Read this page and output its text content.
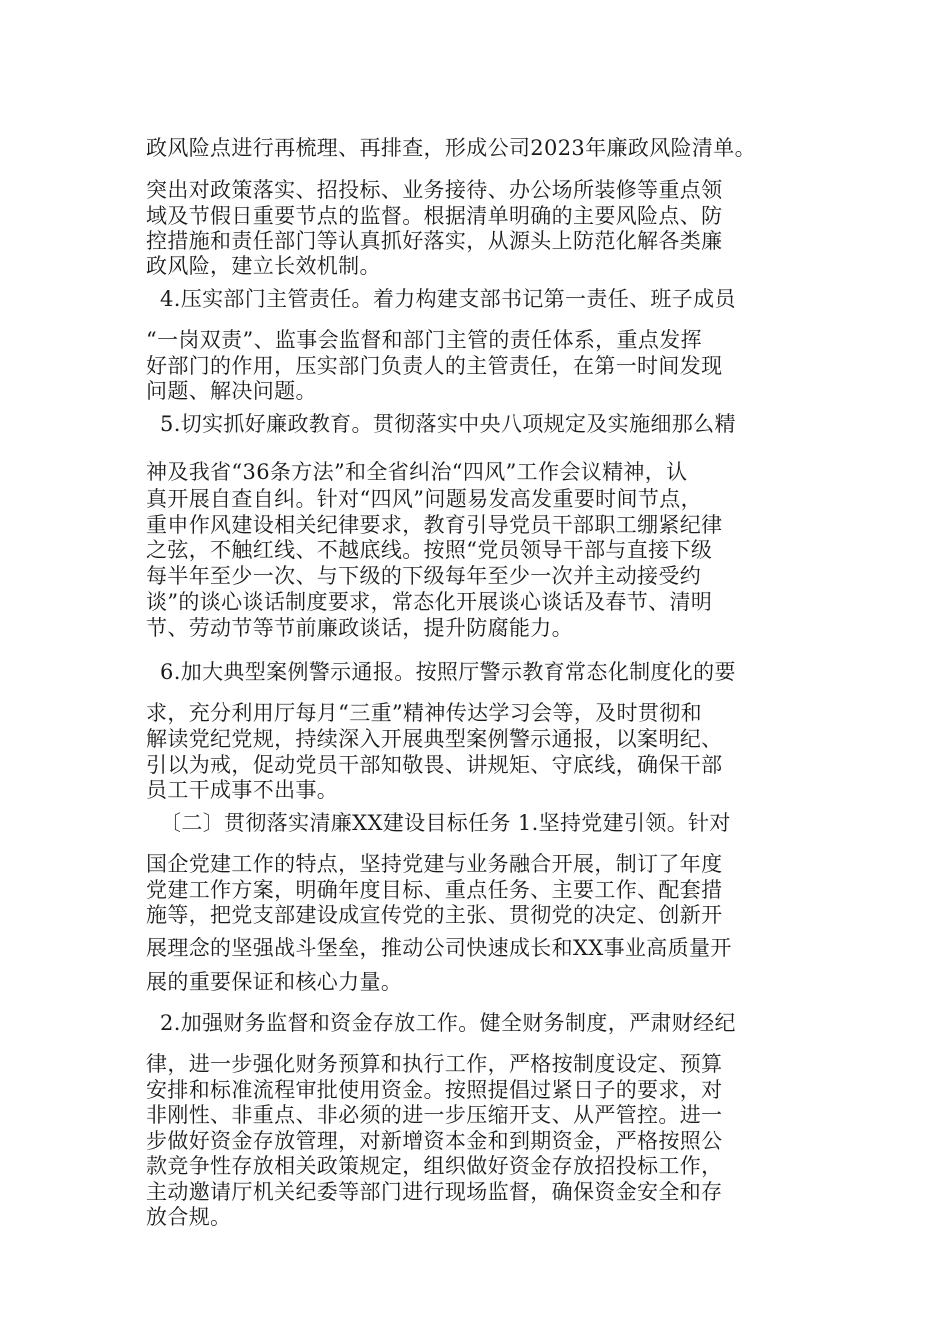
政风险点进行再梳理、再排查，形成公司2023年廉政风险清单。
突出对政策落实、招投标、业务接待、办公场所装修等重点领
域及节假日重要节点的监督。根据清单明确的主要风险点、防
控措施和责任部门等认真抓好落实，从源头上防范化解各类廉
政风险，建立长效机制。
4.压实部门主管责任。着力构建支部书记第一责任、班子成员
“一岗双责”、监事会监督和部门主管的责任体系，重点发挥
好部门的作用，压实部门负责人的主管责任，在第一时间发现
问题、解决问题。
5.切实抓好廉政教育。贯彻落实中央八项规定及实施细那么精
神及我省“36条方法”和全省纠治“四风”工作会议精神，认
真开展自查自纠。针对“四风”问题易发高发重要时间节点，
重申作风建设相关纪律要求，教育引导党员干部职工绷紧纪律
之弦，不触红线、不越底线。按照“党员领导干部与直接下级
每半年至少一次、与下级的下级每年至少一次并主动接受约
谈”的谈心谈话制度要求，常态化开展谈心谈话及春节、清明
节、劳动节等节前廉政谈话，提升防腐能力。
6.加大典型案例警示通报。按照厅警示教育常态化制度化的要
求，充分利用厅每月“三重”精神传达学习会等，及时贯彻和
解读党纪党规，持续深入开展典型案例警示通报，以案明纪、
引以为戒，促动党员干部知敬畏、讲规矩、守底线，确保干部
员工干成事不出事。
〔二〕贯彻落实清廉XX建设目标任务 1.坚持党建引领。针对
国企党建工作的特点，坚持党建与业务融合开展，制订了年度
党建工作方案，明确年度目标、重点任务、主要工作、配套措
施等，把党支部建设成宣传党的主张、贯彻党的决定、创新开
展理念的坚强战斗堡垒，推动公司快速成长和XX事业高质量开
展的重要保证和核心力量。
2.加强财务监督和资金存放工作。健全财务制度，严肃财经纪
律，进一步强化财务预算和执行工作，严格按制度设定、预算
安排和标准流程审批使用资金。按照提倡过紧日子的要求，对
非刚性、非重点、非必须的进一步压缩开支、从严管控。进一
步做好资金存放管理，对新增资本金和到期资金，严格按照公
款竞争性存放相关政策规定，组织做好资金存放招投标工作，
主动邀请厅机关纪委等部门进行现场监督，确保资金安全和存
放合规。
